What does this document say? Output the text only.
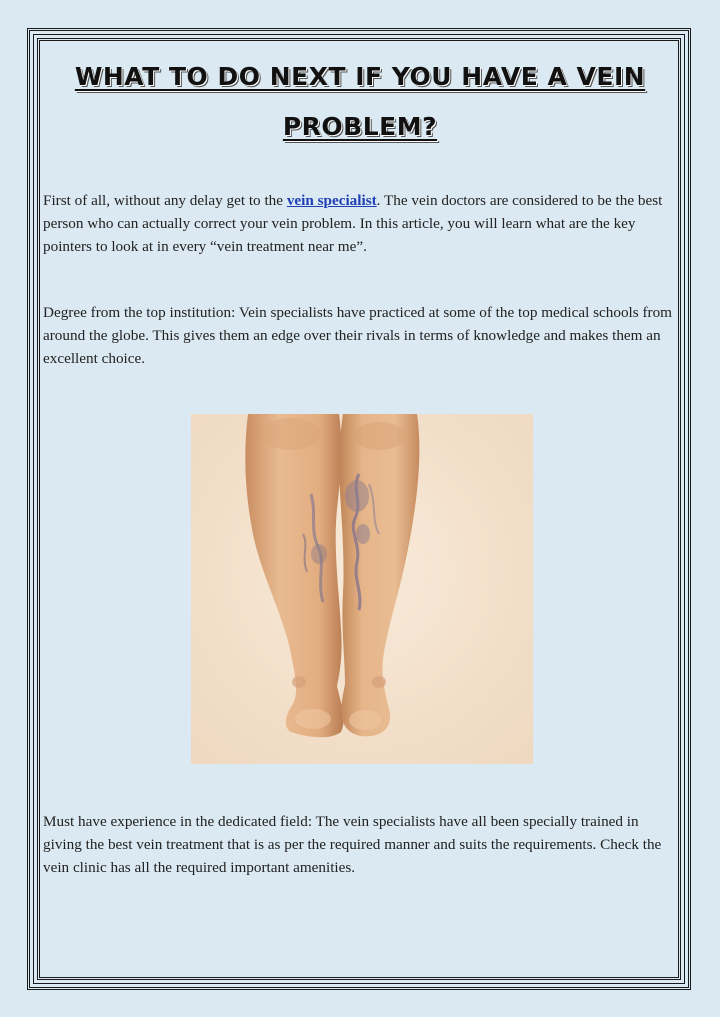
WHAT TO DO NEXT IF YOU HAVE A VEIN
PROBLEM?
First of all, without any delay get to the vein specialist. The vein doctors are considered to be the best person who can actually correct your vein problem. In this article, you will learn what are the key pointers to look at in every “vein treatment near me”.
Degree from the top institution: Vein specialists have practiced at some of the top medical schools from around the globe. This gives them an edge over their rivals in terms of knowledge and makes them an excellent choice.
Must have experience in the dedicated field: The vein specialists have all been specially trained in giving the best vein treatment that is as per the required manner and suits the requirements. Check the vein clinic has all the required important amenities.
